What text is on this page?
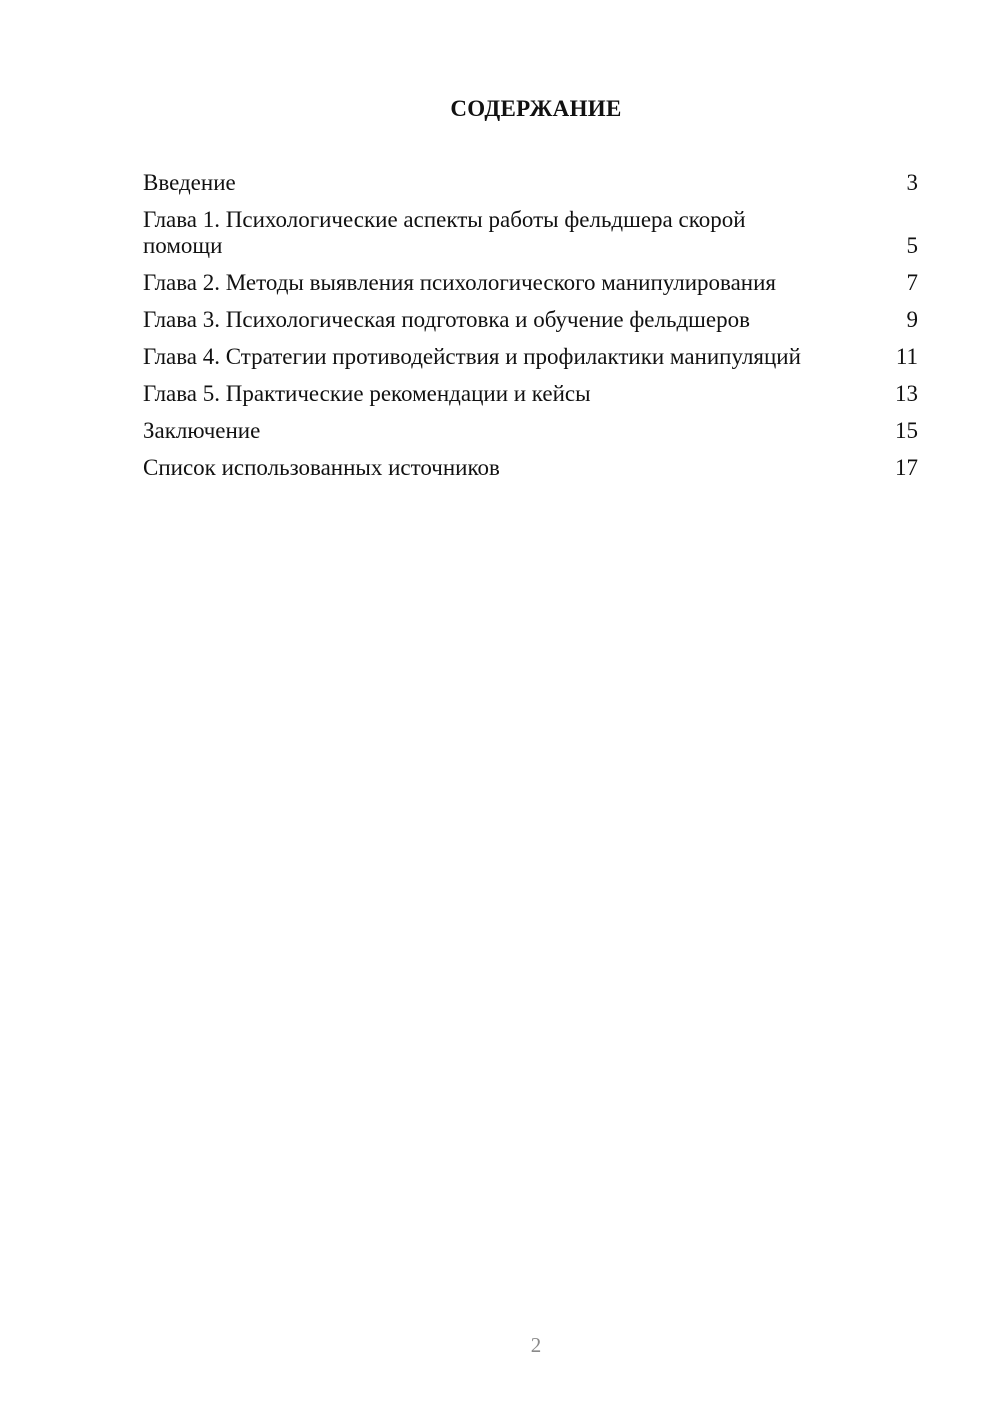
СОДЕРЖАНИЕ
Введение	3
Глава 1. Психологические аспекты работы фельдшера скорой помощи	5
Глава 2. Методы выявления психологического манипулирования	7
Глава 3. Психологическая подготовка и обучение фельдшеров	9
Глава 4. Стратегии противодействия и профилактики манипуляций	11
Глава 5. Практические рекомендации и кейсы	13
Заключение	15
Список использованных источников	17
2
